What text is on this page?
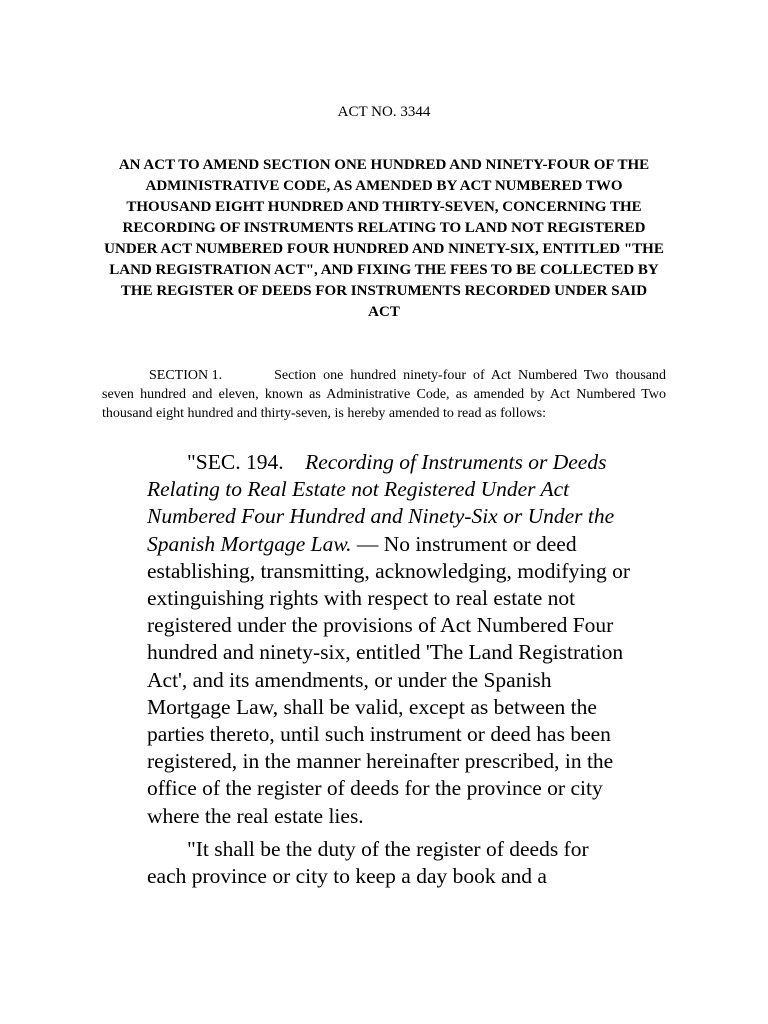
ACT NO. 3344
AN ACT TO AMEND SECTION ONE HUNDRED AND NINETY-FOUR OF THE ADMINISTRATIVE CODE, AS AMENDED BY ACT NUMBERED TWO THOUSAND EIGHT HUNDRED AND THIRTY-SEVEN, CONCERNING THE RECORDING OF INSTRUMENTS RELATING TO LAND NOT REGISTERED UNDER ACT NUMBERED FOUR HUNDRED AND NINETY-SIX, ENTITLED "THE LAND REGISTRATION ACT", AND FIXING THE FEES TO BE COLLECTED BY THE REGISTER OF DEEDS FOR INSTRUMENTS RECORDED UNDER SAID ACT
SECTION 1.	Section one hundred ninety-four of Act Numbered Two thousand seven hundred and eleven, known as Administrative Code, as amended by Act Numbered Two thousand eight hundred and thirty-seven, is hereby amended to read as follows:

"SEC. 194. Recording of Instruments or Deeds Relating to Real Estate not Registered Under Act Numbered Four Hundred and Ninety-Six or Under the Spanish Mortgage Law. — No instrument or deed establishing, transmitting, acknowledging, modifying or extinguishing rights with respect to real estate not registered under the provisions of Act Numbered Four hundred and ninety-six, entitled 'The Land Registration Act', and its amendments, or under the Spanish Mortgage Law, shall be valid, except as between the parties thereto, until such instrument or deed has been registered, in the manner hereinafter prescribed, in the office of the register of deeds for the province or city where the real estate lies.

"It shall be the duty of the register of deeds for each province or city to keep a day book and a
